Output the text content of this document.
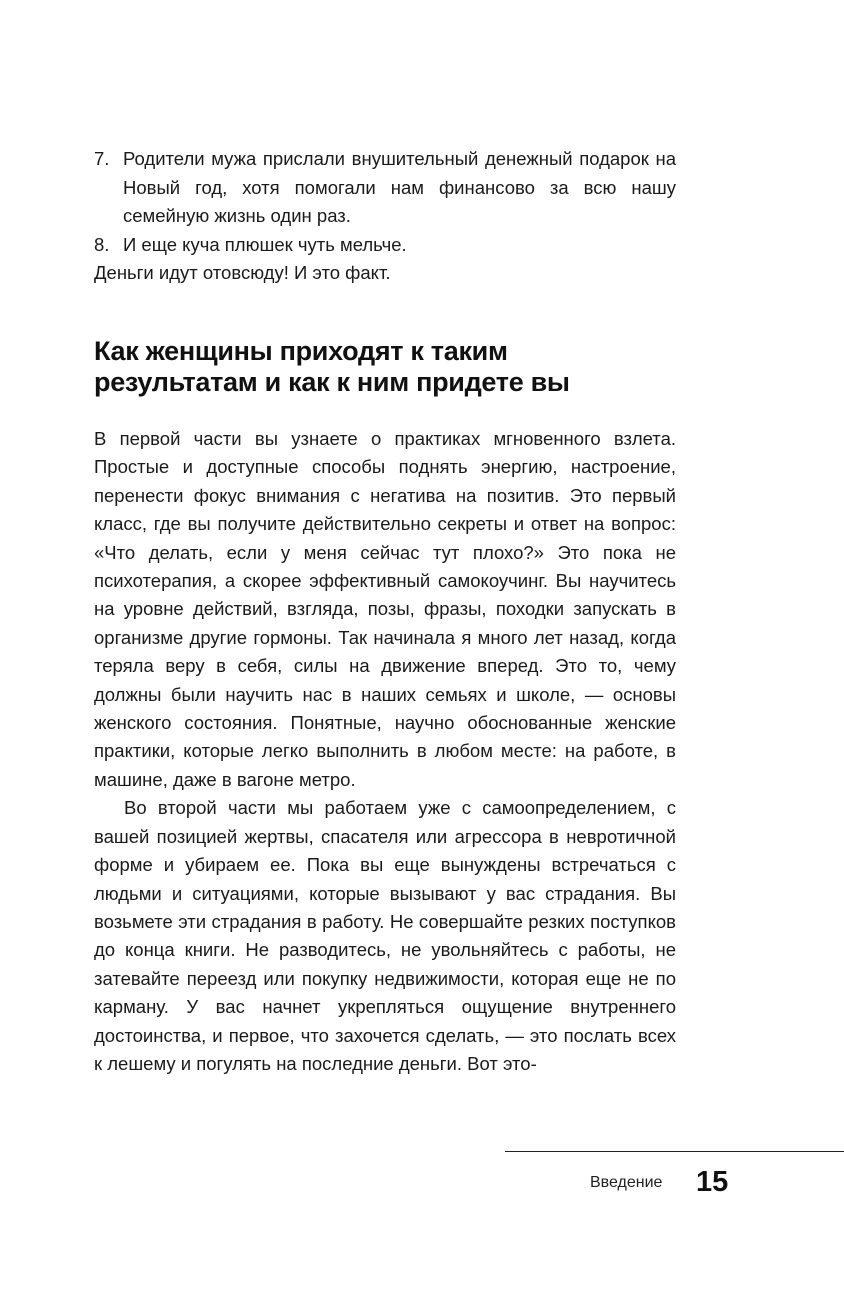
7. Родители мужа прислали внушительный денежный подарок на Новый год, хотя помогали нам финансово за всю нашу семейную жизнь один раз.
8. И еще куча плюшек чуть мельче.
Деньги идут отовсюду! И это факт.
Как женщины приходят к таким
результатам и как к ним придете вы

В первой части вы узнаете о практиках мгновенного взлета. Простые и доступные способы поднять энергию, настроение, перенести фокус внимания с негатива на позитив. Это первый класс, где вы получите действительно секреты и ответ на вопрос: «Что делать, если у меня сейчас тут плохо?» Это пока не психотерапия, а скорее эффективный самокоучинг. Вы научитесь на уровне действий, взгляда, позы, фразы, походки запускать в организме другие гормоны. Так начинала я много лет назад, когда теряла веру в себя, силы на движение вперед. Это то, чему должны были научить нас в наших семьях и школе, — основы женского состояния. Понятные, научно обоснованные женские практики, которые легко выполнить в любом месте: на работе, в машине, даже в вагоне метро.

Во второй части мы работаем уже с самоопределением, с вашей позицией жертвы, спасателя или агрессора в невротичной форме и убираем ее. Пока вы еще вынуждены встречаться с людьми и ситуациями, которые вызывают у вас страдания. Вы возьмете эти страдания в работу. Не совершайте резких поступков до конца книги. Не разводитесь, не увольняйтесь с работы, не затевайте переезд или покупку недвижимости, которая еще не по карману. У вас начнет укрепляться ощущение внутреннего достоинства, и первое, что захочется сделать, — это послать всех к лешему и погулять на последние деньги. Вот это-

Введение 15
